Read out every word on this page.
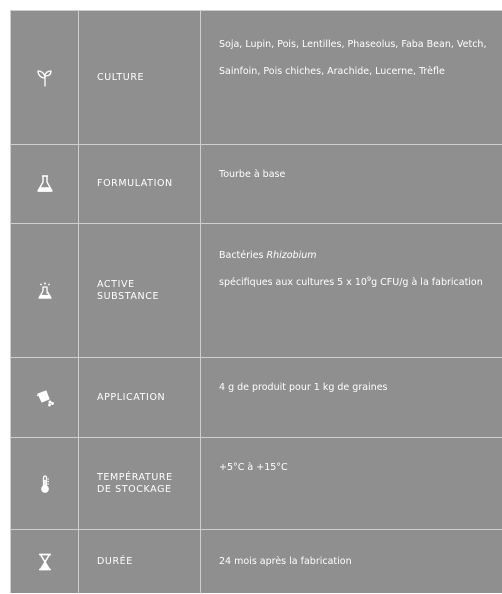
CULTURE
Soja, Lupin, Pois, Lentilles, Phaseolus, Faba Bean, Vetch, Sainfoin, Pois chiches, Arachide, Lucerne, Trèfle
FORMULATION
Tourbe à base
ACTIVE
SUBSTANCE

Bactéries Rhizobium

spécifiques aux cultures 5 x $10^9g$ CFU/g à la fabrication

APPLICATION
4 g de produit pour 1 kg de graines
TEMPÉRATURE
DE STOCKAGE
+5°C à +15°C
DURÉE	24 mois après la fabrication
